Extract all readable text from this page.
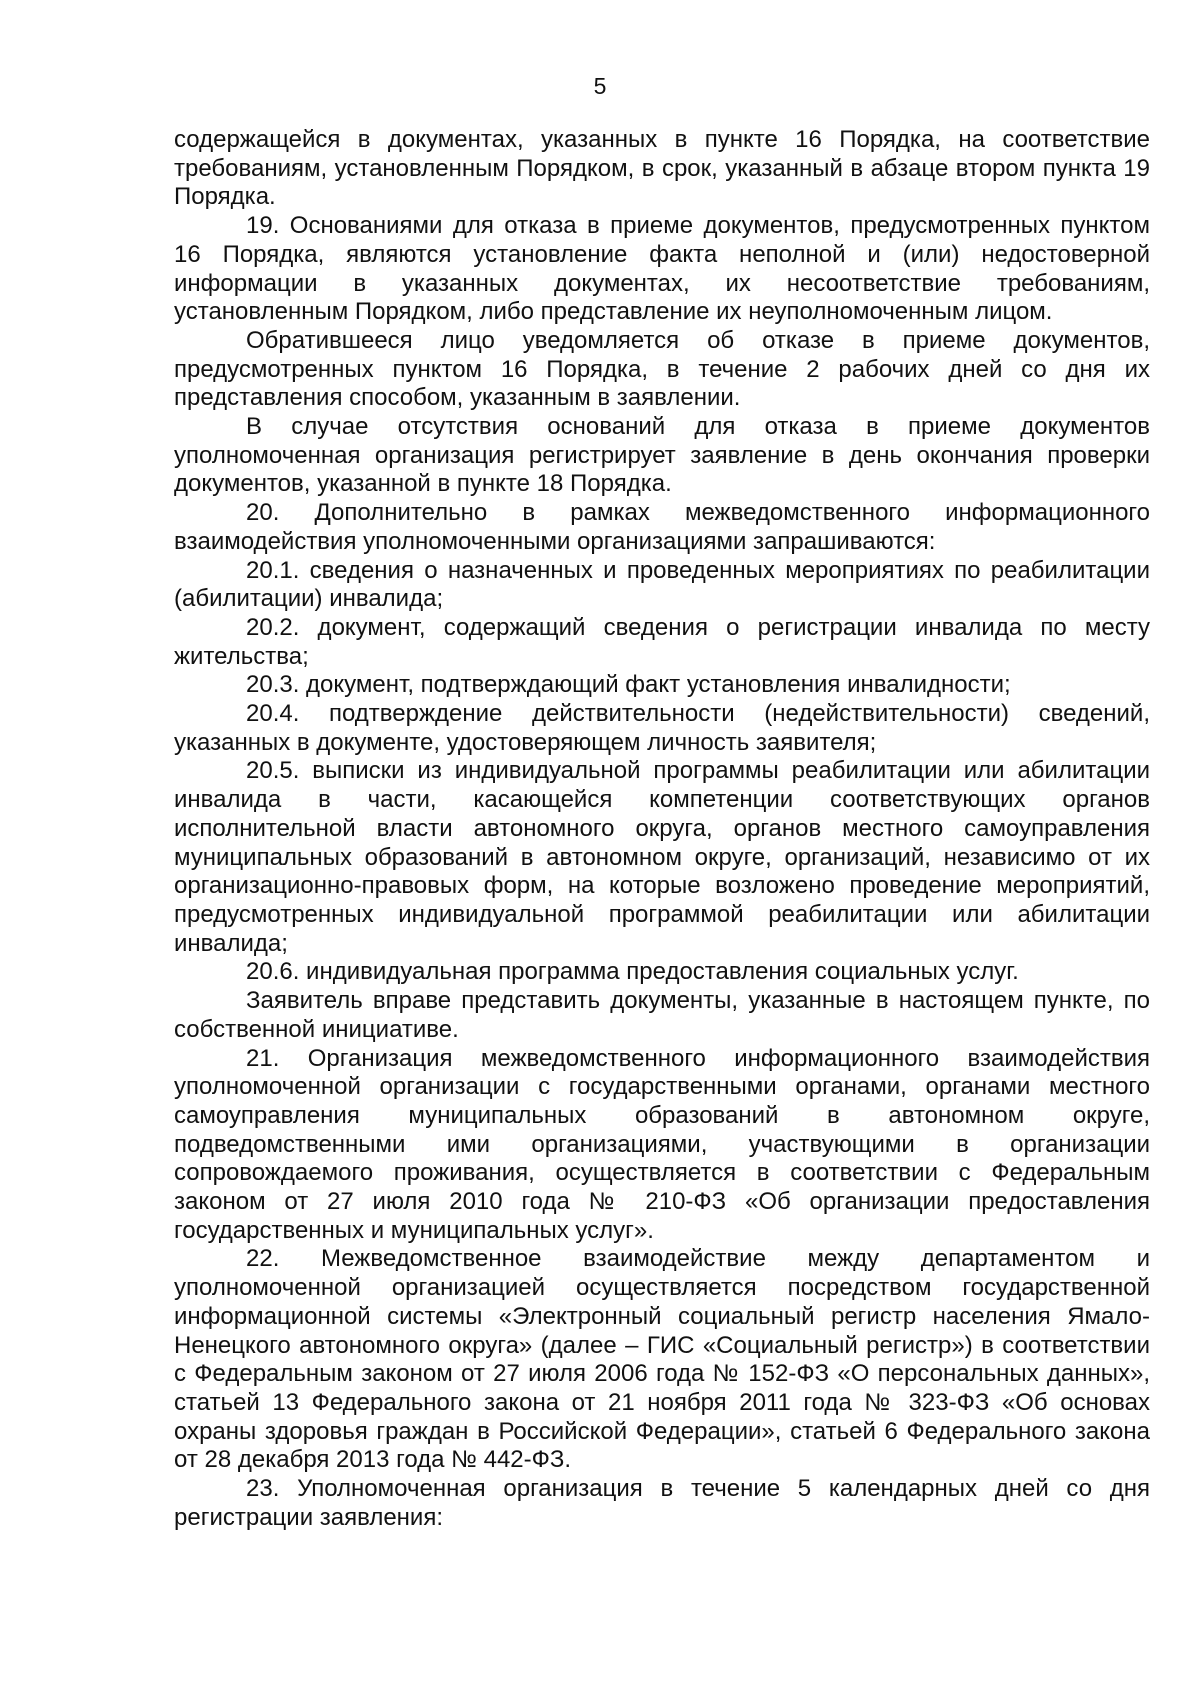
5

содержащейся в документах, указанных в пункте 16 Порядка, на соответствие требованиям, установленным Порядком, в срок, указанный в абзаце втором пункта 19 Порядка.

19. Основаниями для отказа в приеме документов, предусмотренных пунктом 16 Порядка, являются установление факта неполной и (или) недостоверной информации в указанных документах, их несоответствие требованиям, установленным Порядком, либо представление их неуполномоченным лицом.

Обратившееся лицо уведомляется об отказе в приеме документов, предусмотренных пунктом 16 Порядка, в течение 2 рабочих дней со дня их представления способом, указанным в заявлении.

В случае отсутствия оснований для отказа в приеме документов уполномоченная организация регистрирует заявление в день окончания проверки документов, указанной в пункте 18 Порядка.

20. Дополнительно в рамках межведомственного информационного взаимодействия уполномоченными организациями запрашиваются:

20.1. сведения о назначенных и проведенных мероприятиях по реабилитации (абилитации) инвалида;

20.2. документ, содержащий сведения о регистрации инвалида по месту жительства;

20.3. документ, подтверждающий факт установления инвалидности;

20.4. подтверждение действительности (недействительности) сведений, указанных в документе, удостоверяющем личность заявителя;

20.5. выписки из индивидуальной программы реабилитации или абилитации инвалида в части, касающейся компетенции соответствующих органов исполнительной власти автономного округа, органов местного самоуправления муниципальных образований в автономном округе, организаций, независимо от их организационно-правовых форм, на которые возложено проведение мероприятий, предусмотренных индивидуальной программой реабилитации или абилитации инвалида;

20.6. индивидуальная программа предоставления социальных услуг.

Заявитель вправе представить документы, указанные в настоящем пункте, по собственной инициативе.

21. Организация межведомственного информационного взаимодействия уполномоченной организации с государственными органами, органами местного самоуправления муниципальных образований в автономном округе, подведомственными ими организациями, участвующими в организации сопровождаемого проживания, осуществляется в соответствии с Федеральным законом от 27 июля 2010 года № 210-ФЗ «Об организации предоставления государственных и муниципальных услуг».

22. Межведомственное взаимодействие между департаментом и уполномоченной организацией осуществляется посредством государственной информационной системы «Электронный социальный регистр населения Ямало-Ненецкого автономного округа» (далее – ГИС «Социальный регистр») в соответствии с Федеральным законом от 27 июля 2006 года № 152-ФЗ «О персональных данных», статьей 13 Федерального закона от 21 ноября 2011 года № 323-ФЗ «Об основах охраны здоровья граждан в Российской Федерации», статьей 6 Федерального закона от 28 декабря 2013 года № 442-ФЗ.

23. Уполномоченная организация в течение 5 календарных дней со дня регистрации заявления:
